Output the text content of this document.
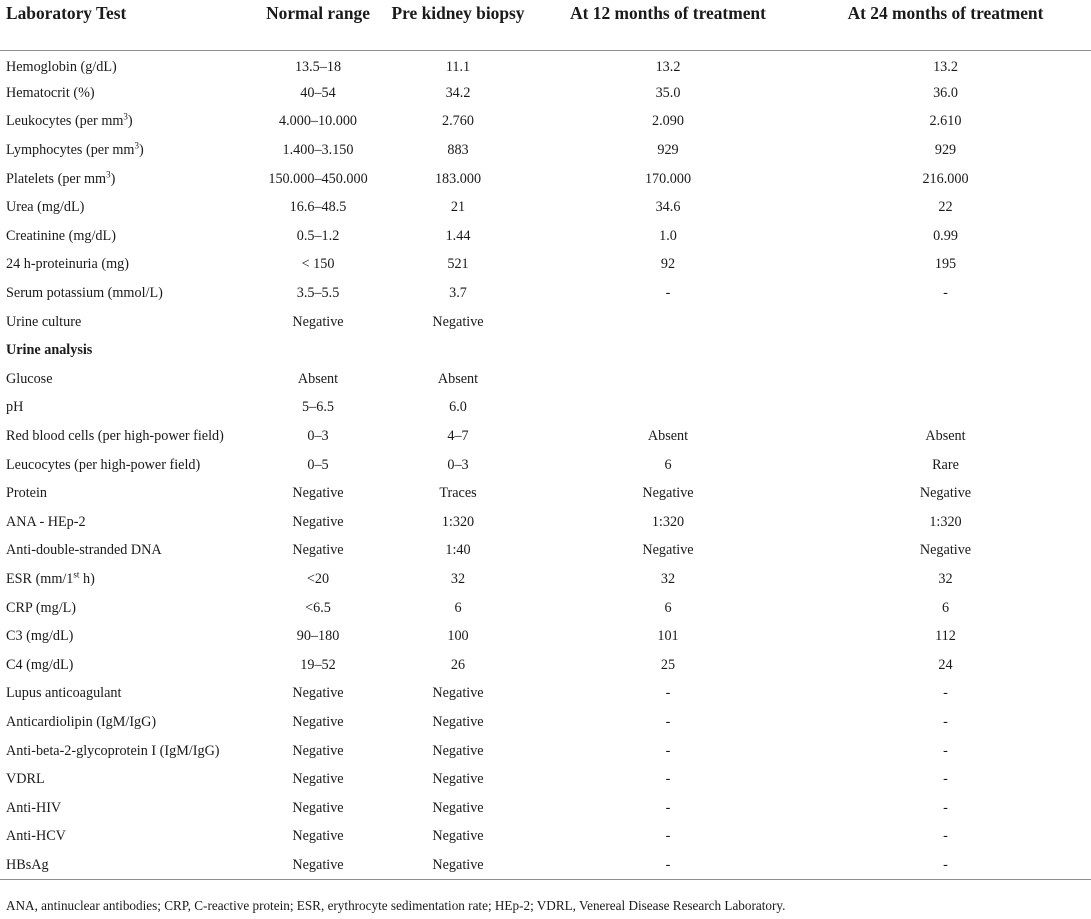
Laboratory Test	Normal range	Pre kidney biopsy	At 12 months of treatment	At 24 months of treatment
Hemoglobin (g/dL)	13.5–18	11.1	13.2	13.2
Hematocrit (%)	40–54	34.2	35.0	36.0
Leukocytes (per $mm^3$)	4.000–10.000	2.760	2.090	2.610
Lymphocytes (per $mm^3$)	1.400–3.150	883	929	929
Platelets (per $mm^3$)	150.000–450.000	183.000	170.000	216.000
Urea (mg/dL)	16.6–48.5	21	34.6	22
Creatinine (mg/dL)	0.5–1.2	1.44	1.0	0.99
24 h-proteinuria (mg)	< 150	521	92	195
Serum potassium (mmol/L)	3.5–5.5	3.7	-	-
Urine culture	Negative	Negative		
Urine analysis				
Glucose	Absent	Absent		
pH	5–6.5	6.0		
Red blood cells (per high-power field)	0–3	4–7	Absent	Absent
Leucocytes (per high-power field)	0–5	0–3	6	Rare
Protein	Negative	Traces	Negative	Negative
ANA - HEp-2	Negative	1:320	1:320	1:320
Anti-double-stranded DNA	Negative	1:40	Negative	Negative
ESR (mm/1st h)	<20	32	32	32
CRP (mg/L)	<6.5	6	6	6
C3 (mg/dL)	90–180	100	101	112
C4 (mg/dL)	19–52	26	25	24
Lupus anticoagulant	Negative	Negative	-	-
Anticardiolipin (IgM/IgG)	Negative	Negative	-	-
Anti-beta-2-glycoprotein I (IgM/IgG)	Negative	Negative	-	-
VDRL	Negative	Negative	-	-
Anti-HIV	Negative	Negative	-	-
Anti-HCV	Negative	Negative	-	-
HBsAg	Negative	Negative	-	-
ANA, antinuclear antibodies; CRP, C-reactive protein; ESR, erythrocyte sedimentation rate; HEp-2; VDRL, Venereal Disease Research Laboratory.
